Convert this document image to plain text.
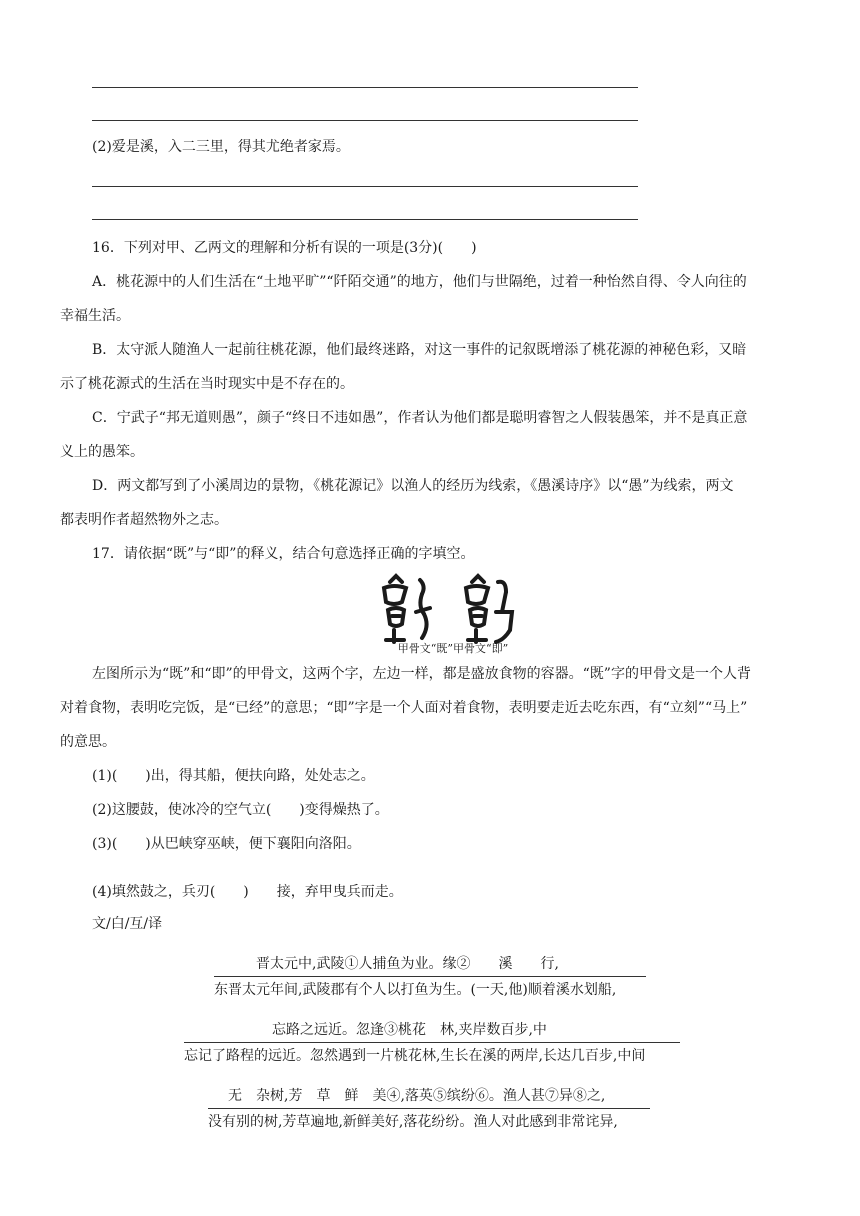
(2)爱是溪，入二三里，得其尤绝者家焉。
16．下列对甲、乙两文的理解和分析有误的一项是(3分)(　　)
A．桃花源中的人们生活在“土地平旷”“阡陌交通”的地方，他们与世隔绝，过着一种怡然自得、令人向往的
幸福生活。
B．太守派人随渔人一起前往桃花源，他们最终迷路，对这一事件的记叙既增添了桃花源的神秘色彩，又暗
示了桃花源式的生活在当时现实中是不存在的。
C．宁武子“邦无道则愚”，颜子“终日不违如愚”，作者认为他们都是聪明睿智之人假装愚笨，并不是真正意
义上的愚笨。
D．两文都写到了小溪周边的景物，《桃花源记》以渔人的经历为线索，《愚溪诗序》以“愚”为线索，两文
都表明作者超然物外之志。
17．请依据“既”与“即”的释义，结合句意选择正确的字填空。
甲骨文“既”甲骨文“即”
左图所示为“既”和“即”的甲骨文，这两个字，左边一样，都是盛放食物的容器。“既”字的甲骨文是一个人背
对着食物，表明吃完饭，是“已经”的意思；“即”字是一个人面对着食物，表明要走近去吃东西，有“立刻”“马上”
的意思。
(1)(　　)出，得其船，便扶向路，处处志之。
(2)这腰鼓，使冰冷的空气立(　　)变得燥热了。
(3)(　　)从巴峡穿巫峡，便下襄阳向洛阳。
(4)填然鼓之，兵刃(　　)　　接，弃甲曳兵而走。
文/白/互/译
晋太元中,武陵①人捕鱼为业。缘②　　溪　　行,
东晋太元年间,武陵郡有个人以打鱼为生。(一天,他)顺着溪水划船,
忘路之远近。忽逢③桃花　林,夹岸数百步,中
忘记了路程的远近。忽然遇到一片桃花林,生长在溪的两岸,长达几百步,中间
无　杂树,芳　草　鲜　美④,落英⑤缤纷⑥。渔人甚⑦异⑧之,
没有别的树,芳草遍地,新鲜美好,落花纷纷。渔人对此感到非常诧异,
